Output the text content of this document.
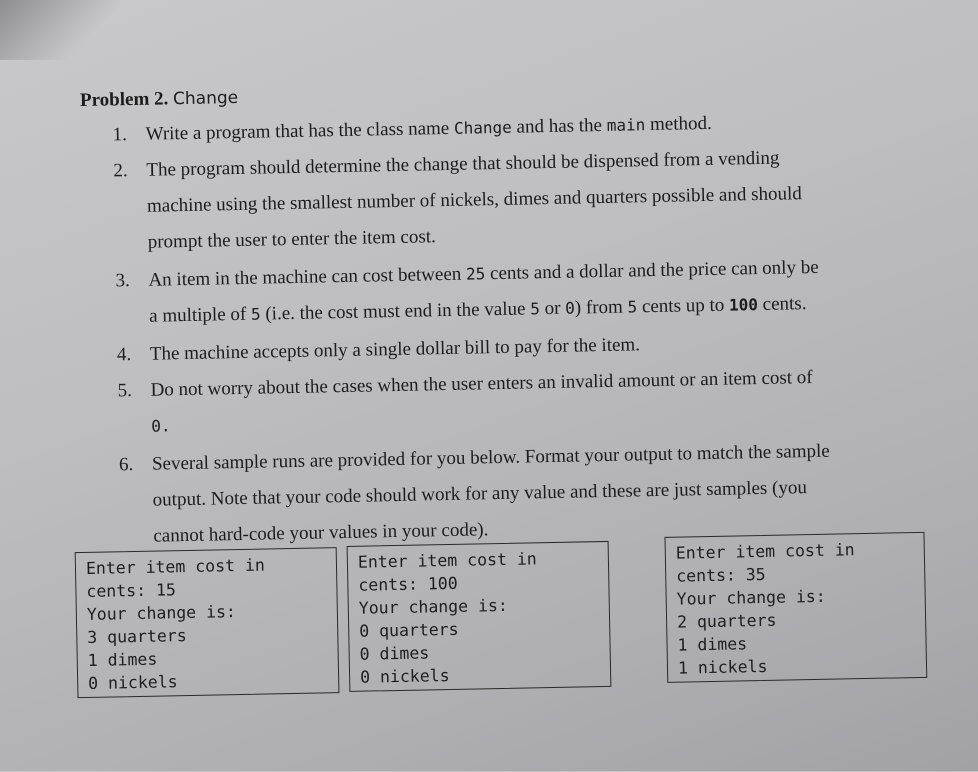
Problem 2. Change
1. Write a program that has the class name Change and has the main method.
2. The program should determine the change that should be dispensed from a vending
machine using the smallest number of nickels, dimes and quarters possible and should
prompt the user to enter the item cost.
3. An item in the machine can cost between 25 cents and a dollar and the price can only be
a multiple of 5 (i.e. the cost must end in the value 5 or 0) from 5 cents up to 100 cents.
4. The machine accepts only a single dollar bill to pay for the item.
5. Do not worry about the cases when the user enters an invalid amount or an item cost of
0.
6. Several sample runs are provided for you below. Format your output to match the sample
output. Note that your code should work for any value and these are just samples (you
cannot hard-code your values in your code).
Enter item cost in
cents: 15
Your change is:
3 quarters
1 dimes
0 nickels
Enter item cost in
cents: 100
Your change is:
0 quarters
0 dimes
0 nickels
Enter item cost in
cents: 35
Your change is:
2 quarters
1 dimes
1 nickels
